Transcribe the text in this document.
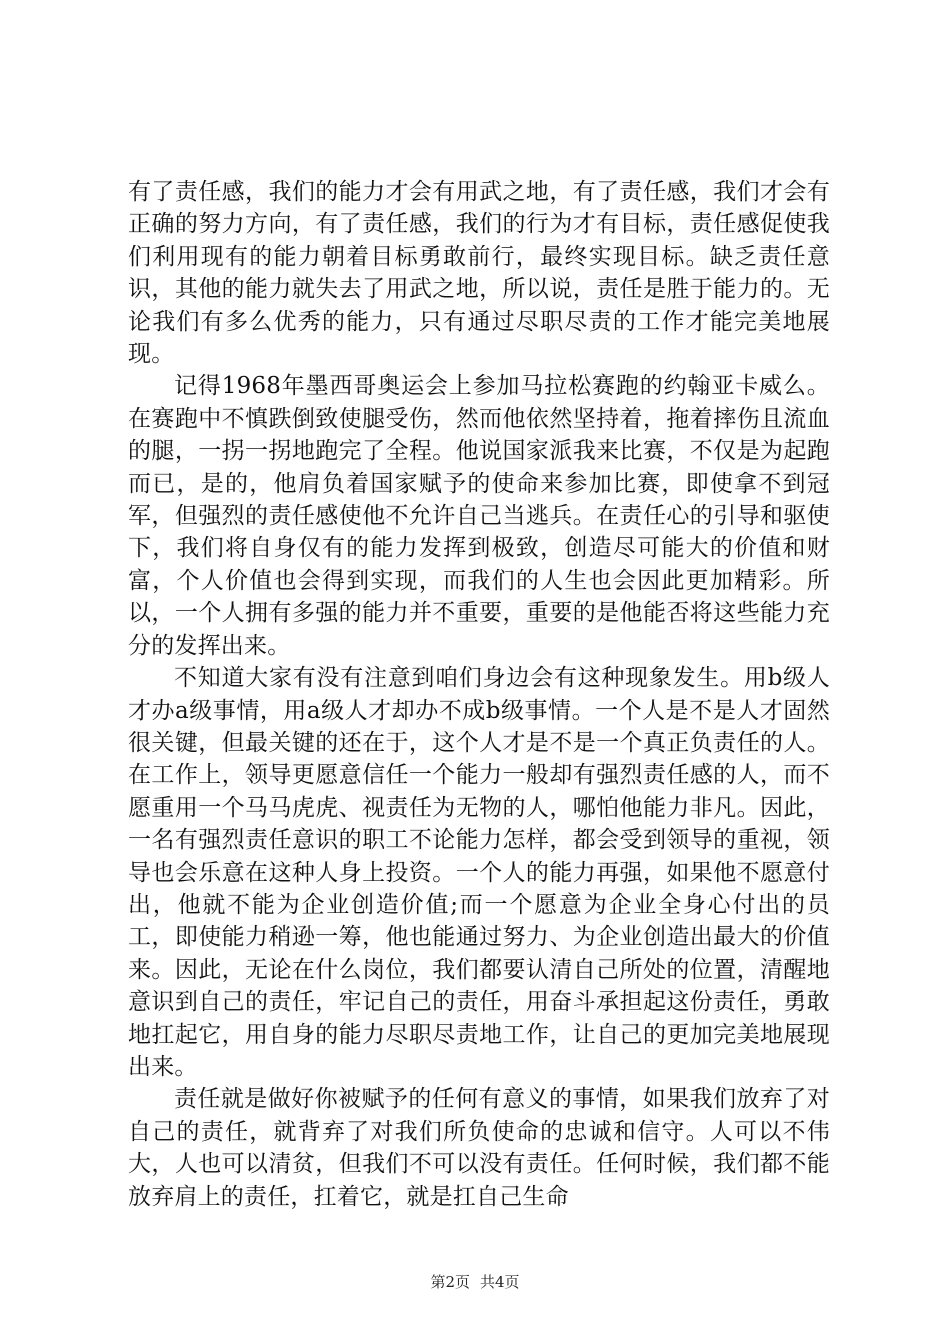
有了责任感，我们的能力才会有用武之地，有了责任感，我们才会有正确的努力方向，有了责任感，我们的行为才有目标，责任感促使我们利用现有的能力朝着目标勇敢前行，最终实现目标。缺乏责任意识，其他的能力就失去了用武之地，所以说，责任是胜于能力的。无论我们有多么优秀的能力，只有通过尽职尽责的工作才能完美地展现。

记得1968年墨西哥奥运会上参加马拉松赛跑的约翰亚卡威么。在赛跑中不慎跌倒致使腿受伤，然而他依然坚持着，拖着摔伤且流血的腿，一拐一拐地跑完了全程。他说国家派我来比赛，不仅是为起跑而已，是的，他肩负着国家赋予的使命来参加比赛，即使拿不到冠军，但强烈的责任感使他不允许自己当逃兵。在责任心的引导和驱使下，我们将自身仅有的能力发挥到极致，创造尽可能大的价值和财富，个人价值也会得到实现，而我们的人生也会因此更加精彩。所以，一个人拥有多强的能力并不重要，重要的是他能否将这些能力充分的发挥出来。

不知道大家有没有注意到咱们身边会有这种现象发生。用b级人才办a级事情，用a级人才却办不成b级事情。一个人是不是人才固然很关键，但最关键的还在于，这个人才是不是一个真正负责任的人。在工作上，领导更愿意信任一个能力一般却有强烈责任感的人，而不愿重用一个马马虎虎、视责任为无物的人，哪怕他能力非凡。因此，一名有强烈责任意识的职工不论能力怎样，都会受到领导的重视，领导也会乐意在这种人身上投资。一个人的能力再强，如果他不愿意付出，他就不能为企业创造价值;而一个愿意为企业全身心付出的员工，即使能力稍逊一筹，他也能通过努力、为企业创造出最大的价值来。因此，无论在什么岗位，我们都要认清自己所处的位置，清醒地意识到自己的责任，牢记自己的责任，用奋斗承担起这份责任，勇敢地扛起它，用自身的能力尽职尽责地工作，让自己的更加完美地展现出来。

责任就是做好你被赋予的任何有意义的事情，如果我们放弃了对自己的责任，就背弃了对我们所负使命的忠诚和信守。人可以不伟大，人也可以清贫，但我们不可以没有责任。任何时候，我们都不能放弃肩上的责任，扛着它，就是扛自己生命

第2页 共4页
